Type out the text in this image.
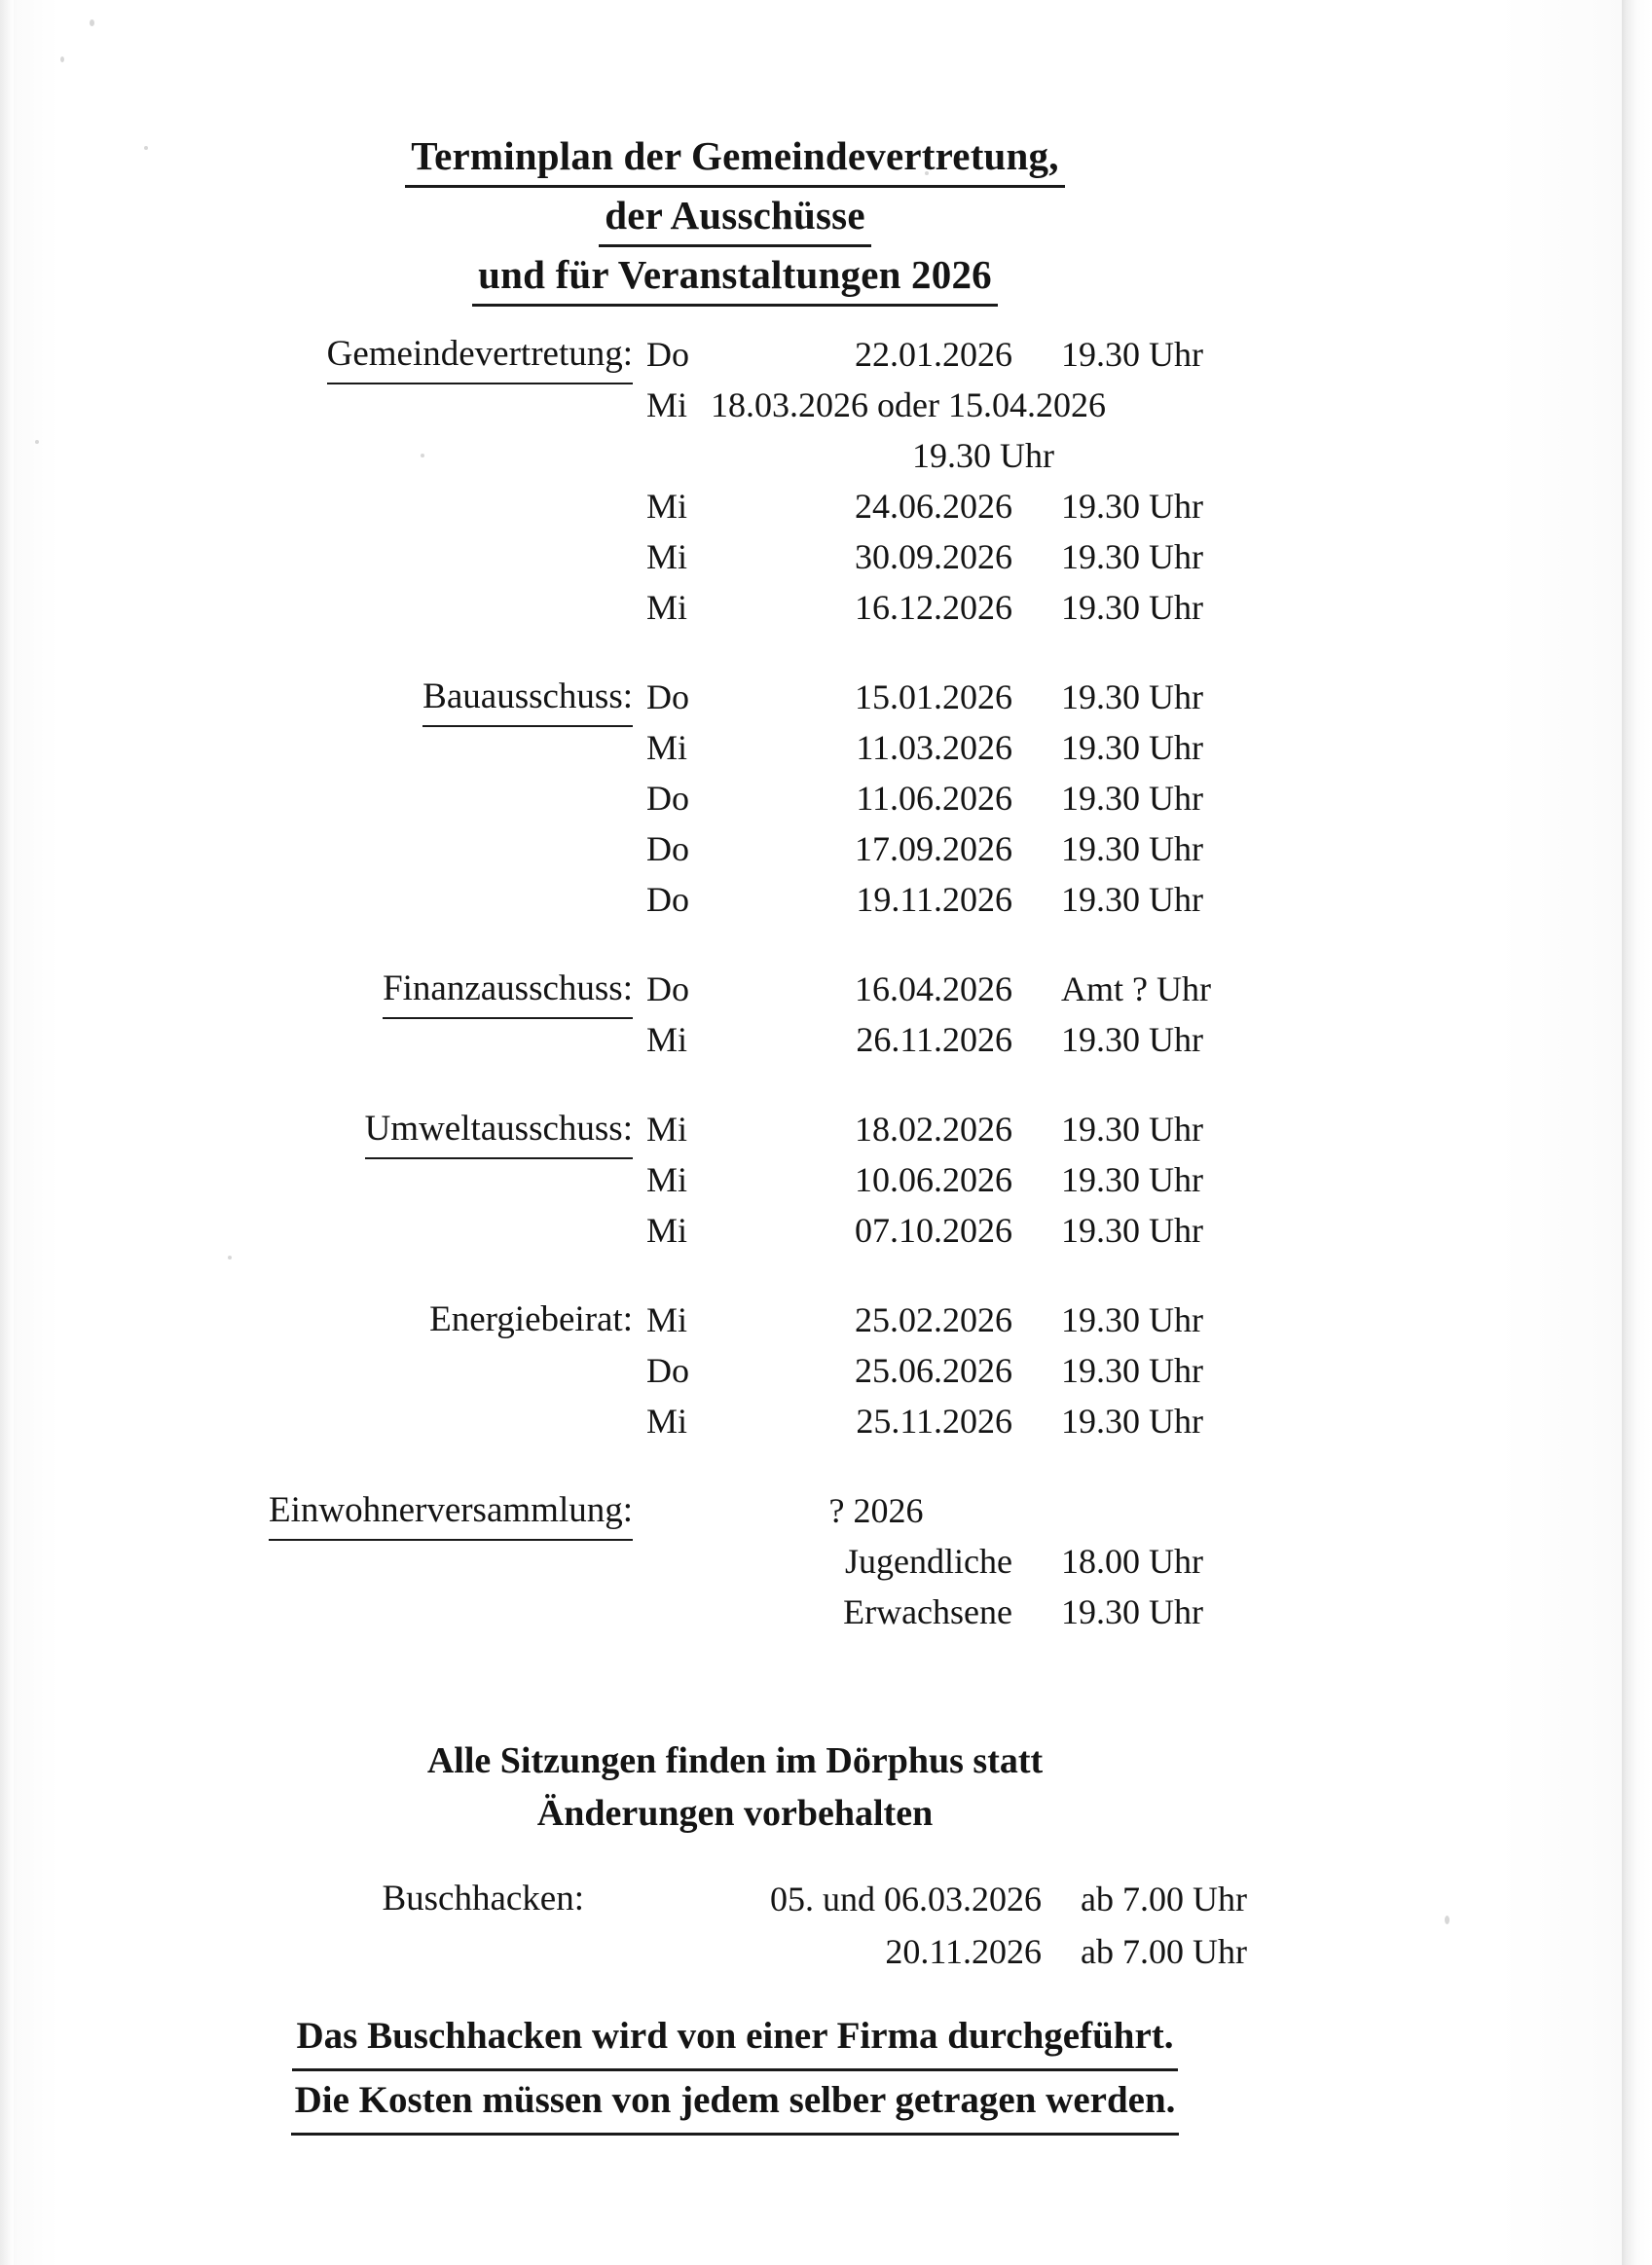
Terminplan der Gemeindevertretung,
der Ausschüsse
und für Veranstaltungen 2026
Gemeindevertretung: Do	22.01.2026 19.30 Uhr
Mi 18.03.2026 oder 15.04.2026
19.30 Uhr
Mi	24.06.2026 19.30 Uhr
Mi	30.09.2026 19.30 Uhr
Mi	16.12.2026 19.30 Uhr
Bauausschuss: Do	15.01.2026 19.30 Uhr
Mi	11.03.2026 19.30 Uhr
Do	11.06.2026 19.30 Uhr
Do	17.09.2026 19.30 Uhr
Do	19.11.2026 19.30 Uhr
Finanzausschuss: Do	16.04.2026 Amt ? Uhr
Mi	26.11.2026 19.30 Uhr
Umweltausschuss: Mi	18.02.2026 19.30 Uhr
Mi	10.06.2026 19.30 Uhr
Mi	07.10.2026 19.30 Uhr
Energiebeirat: Mi	25.02.2026 19.30 Uhr
Do	25.06.2026 19.30 Uhr
Mi	25.11.2026 19.30 Uhr
Einwohnerversammlung:	? 2026
Jugendliche 18.00 Uhr
Erwachsene 19.30 Uhr
Alle Sitzungen finden im Dörphus statt
Änderungen vorbehalten
Buschhacken:	05. und 06.03.2026 ab 7.00 Uhr
20.11.2026 ab 7.00 Uhr
Das Buschhacken wird von einer Firma durchgeführt.
Die Kosten müssen von jedem selber getragen werden.
